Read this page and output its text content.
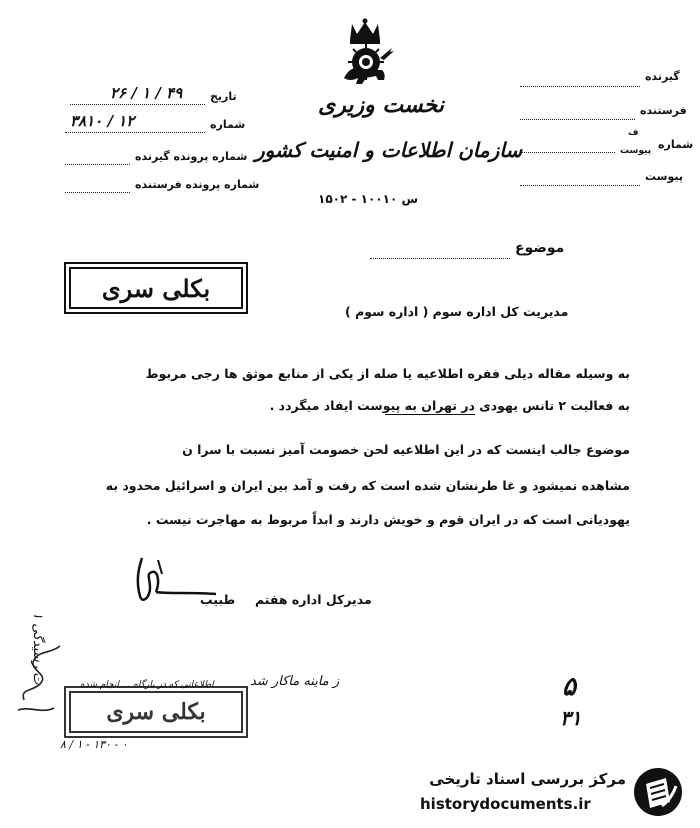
گیرنده
فرستنده
شماره
ف
پیوست
پیوست
تاریخ
۲۶ / ۱ / ۴۹
شماره
۳۸۱۰ / ۱۲
شماره پرونده گیرنده
شماره پرونده فرستنده
نخست وزیری
سازمان اطلاعات و امنیت کشور
س ۱۰۰۱۰ - ۱۵۰۲
موضوع
بکلی سری
مدیریت کل اداره سوم ( اداره سوم )
به وسیله مقاله دیلی ففره اطلاعیه یا صله از یکی از منابع موثق ها رجی مربوط
به فعالیت ۲ تانس یهودی در تهران به پیوست ایفاد میگردد .
موضوع جالب اینست که در این اطلاعیه لحن خصومت آمیز نسبت با سرا ن
مشاهده نمیشود و غا طرنشان شده است که رفت و آمد بین ایران و اسرائیل محدود به
یهودیانی است که در ایران قوم و خویش دارند و ابداً مربوط به مهاجرت نیست .
طبیب مدیرکل اداره هفتم
۱ ت رسیدگی	ز ماینه ماکار شد
بکلی سری
اطلاعاتی که در بارگاه ... انجام شده
۸ / ۱ - ۱۳۰ - ۰
۵
۳۱
مرکز بررسی اسناد تاریخی
historydocuments.ir
